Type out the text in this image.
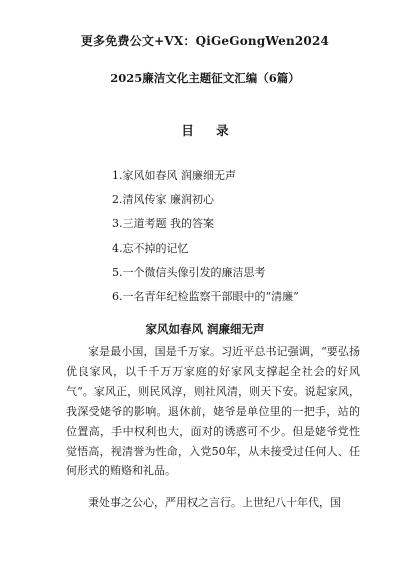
更多免费公文+VX：QiGeGongWen2024
2025廉洁文化主题征文汇编（6篇）
目 录
1.家风如春风 润廉细无声
2.清风传家 廉润初心
3.三道考题 我的答案
4.忘不掉的记忆
5.一个微信头像引发的廉洁思考
6.一名青年纪检监察干部眼中的“清廉”
家风如春风 润廉细无声

家是最小国，国是千万家。习近平总书记强调，“要弘扬优良家风，以千千万万家庭的好家风支撑起全社会的好风气”。家风正，则民风淳，则社风清，则天下安。说起家风，我深受姥爷的影响。退休前，姥爷是单位里的一把手，站的位置高，手中权利也大，面对的诱惑可不少。但是姥爷党性觉悟高，视清誉为性命，入党50年，从未接受过任何人、任何形式的贿赂和礼品。

秉处事之公心，严用权之言行。上世纪八十年代，国
